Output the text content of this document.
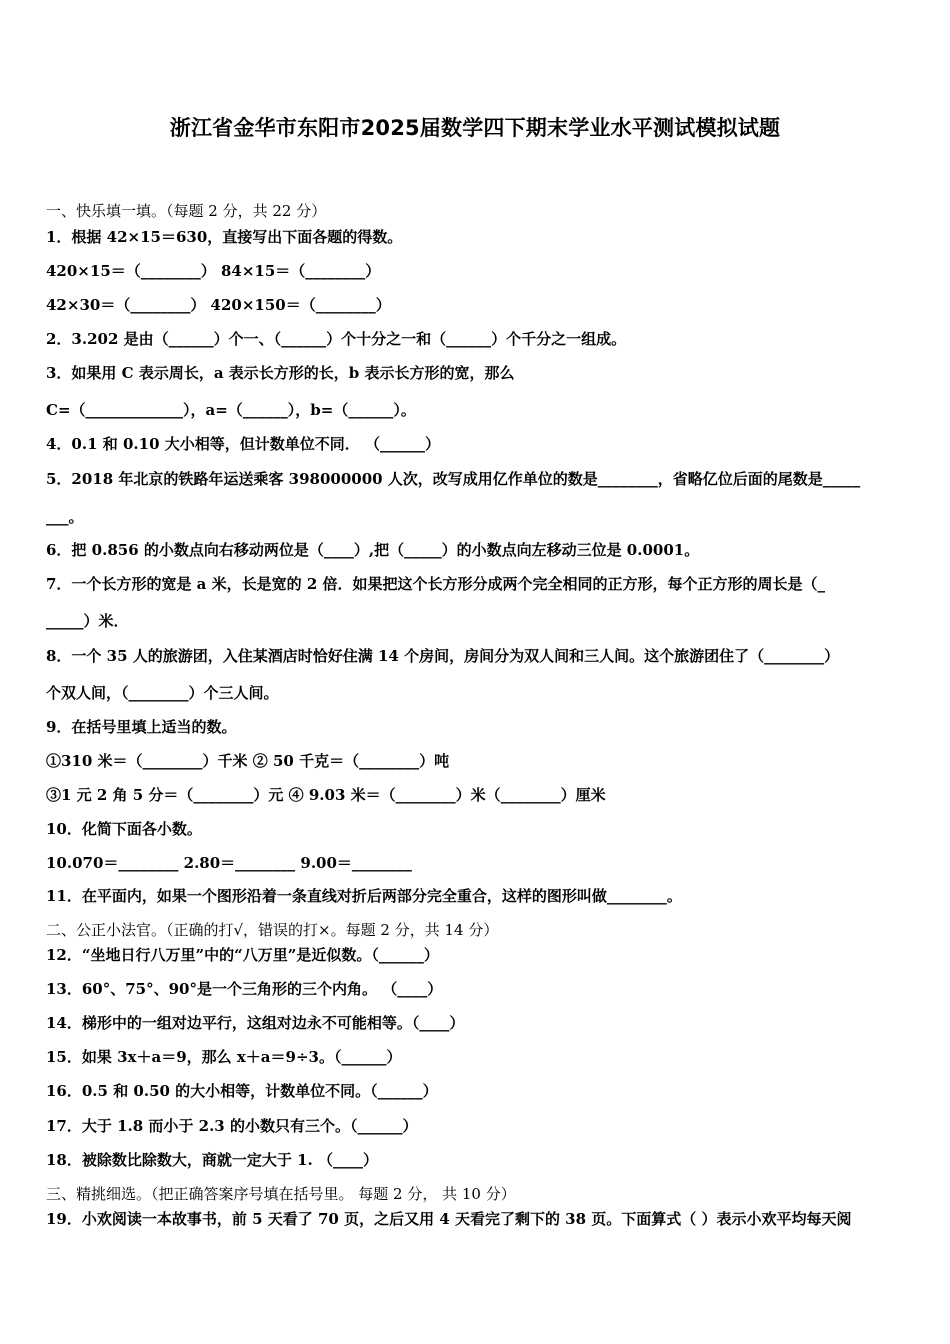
浙江省金华市东阳市2025届数学四下期末学业水平测试模拟试题
一、快乐填一填。（每题 2 分，共 22 分）
1．根据 42×15＝630，直接写出下面各题的得数。
420×15＝（________） 84×15＝（________）
42×30＝（________） 420×150＝（________）
2．3.202 是由（______）个一、（______）个十分之一和（______）个千分之一组成。
3．如果用 C 表示周长，a 表示长方形的长，b 表示长方形的宽，那么
C=（_____________），a=（______），b=（______）。
4．0.1 和 0.10 大小相等，但计数单位不同． （______）
5．2018 年北京的铁路年运送乘客 398000000 人次，改写成用亿作单位的数是________，省略亿位后面的尾数是_____
___。
6．把 0.856 的小数点向右移动两位是（____）,把（_____）的小数点向左移动三位是 0.0001。
7．一个长方形的宽是 a 米，长是宽的 2 倍．如果把这个长方形分成两个完全相同的正方形，每个正方形的周长是（_
_____）米．
8．一个 35 人的旅游团，入住某酒店时恰好住满 14 个房间，房间分为双人间和三人间。这个旅游团住了（________）
个双人间，（________）个三人间。
9．在括号里填上适当的数。
①310 米＝（________）千米 ② 50 千克＝（________）吨
③1 元 2 角 5 分＝（________）元 ④ 9.03 米＝（________）米（________）厘米
10．化简下面各小数。
10.070＝________ 2.80＝________ 9.00＝________
11．在平面内，如果一个图形沿着一条直线对折后两部分完全重合，这样的图形叫做________。
二、公正小法官。（正确的打√，错误的打×。每题 2 分，共 14 分）
12．“坐地日行八万里”中的“八万里”是近似数。（______）
13．60°、75°、90°是一个三角形的三个内角。 （____）
14．梯形中的一组对边平行，这组对边永不可能相等。（____）
15．如果 3x＋a＝9，那么 x＋a＝9÷3。（______）
16．0.5 和 0.50 的大小相等，计数单位不同。（______）
17．大于 1.8 而小于 2.3 的小数只有三个。（______）
18．被除数比除数大，商就一定大于 1. （____）
三、精挑细选。（把正确答案序号填在括号里。 每题 2 分， 共 10 分）
19．小欢阅读一本故事书，前 5 天看了 70 页，之后又用 4 天看完了剩下的 38 页。下面算式（ ）表示小欢平均每天阅
